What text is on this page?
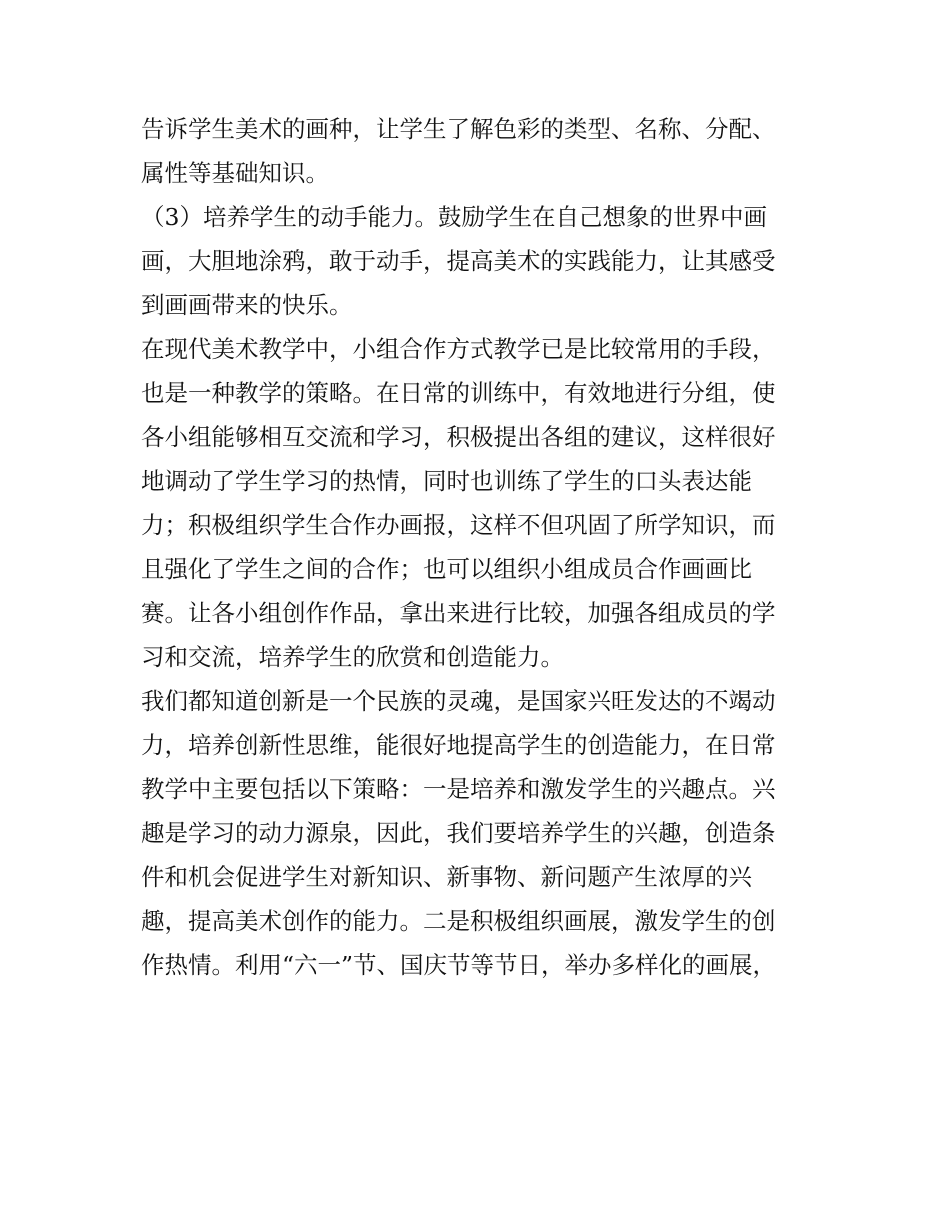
告诉学生美术的画种，让学生了解色彩的类型、名称、分配、
属性等基础知识。
（3）培养学生的动手能力。鼓励学生在自己想象的世界中画
画，大胆地涂鸦，敢于动手，提高美术的实践能力，让其感受
到画画带来的快乐。
在现代美术教学中，小组合作方式教学已是比较常用的手段，
也是一种教学的策略。在日常的训练中，有效地进行分组，使
各小组能够相互交流和学习，积极提出各组的建议，这样很好
地调动了学生学习的热情，同时也训练了学生的口头表达能
力；积极组织学生合作办画报，这样不但巩固了所学知识，而
且强化了学生之间的合作；也可以组织小组成员合作画画比
赛。让各小组创作作品，拿出来进行比较，加强各组成员的学
习和交流，培养学生的欣赏和创造能力。
我们都知道创新是一个民族的灵魂，是国家兴旺发达的不竭动
力，培养创新性思维，能很好地提高学生的创造能力，在日常
教学中主要包括以下策略：一是培养和激发学生的兴趣点。兴
趣是学习的动力源泉，因此，我们要培养学生的兴趣，创造条
件和机会促进学生对新知识、新事物、新问题产生浓厚的兴
趣，提高美术创作的能力。二是积极组织画展，激发学生的创
作热情。利用“六一”节、国庆节等节日，举办多样化的画展，
